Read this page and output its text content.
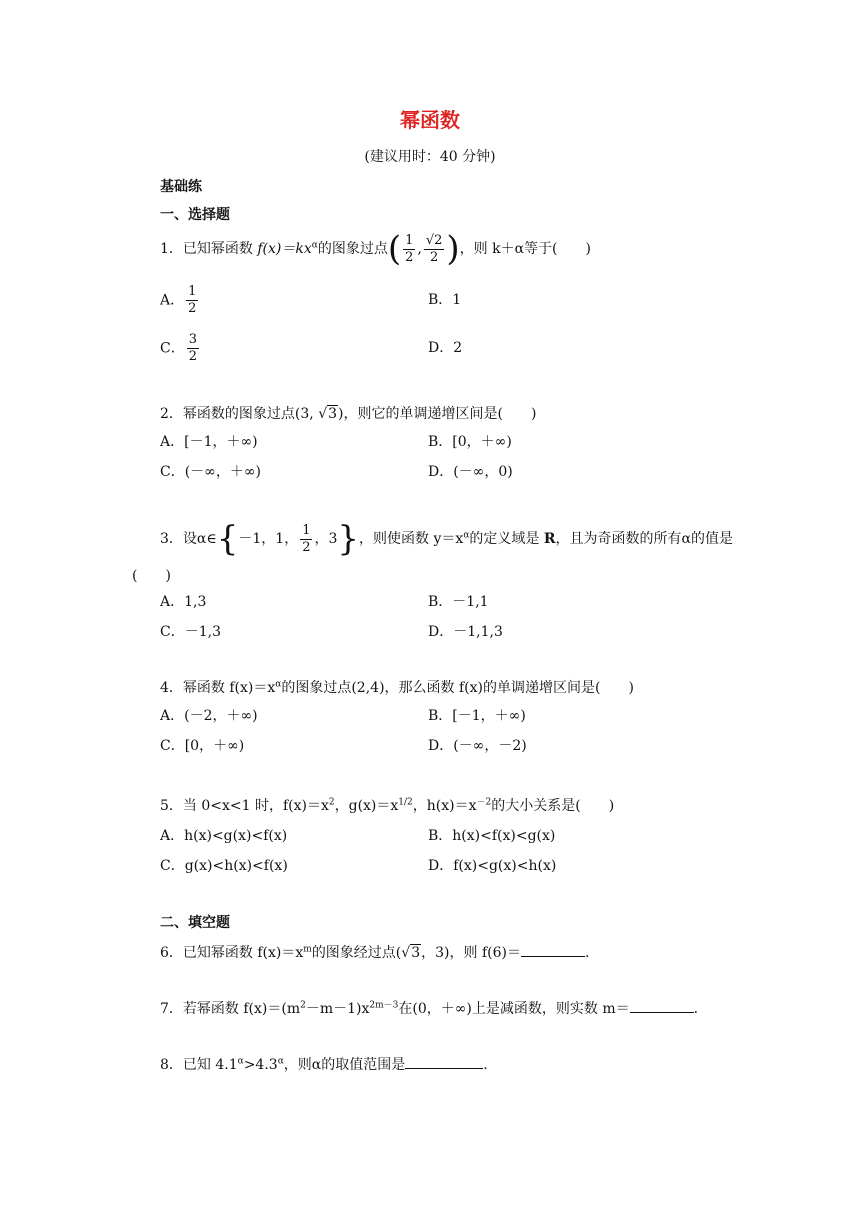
幂函数
(建议用时：40 分钟)
基础练
一、选择题
1．已知幂函数 $f(x)=kx^\alpha$的图象过点( $\frac{1}{2}$ , $\frac{√2}{2}$ )，则 k＋α等于(　　)
A． $\frac{1}{2}$	B．1
C． $\frac{3}{2}$	D．2
2．幂函数的图象过点(3, √3)，则它的单调递增区间是(　　)
A．[－1，＋∞)	B．[0，＋∞)
C．(－∞，＋∞)	D．(－∞，0)
3．设α∈{－1，1， $\frac{1}{2}$ ，3}，则使函数 $y=x^\alpha$的定义域是 R，且为奇函数的所有α的值是
(　　)
A．1,3	B．－1,1
C．－1,3	D．－1,1,3
4．幂函数 $f(x)=x^\alpha$的图象过点(2,4)，那么函数 f(x)的单调递增区间是(　　)
A．(－2，＋∞)	B．[－1，＋∞)
C．[0，＋∞)	D．(－∞，－2)
5．当 0<x<1 时，$f(x)=x^2$，$g(x)=x^{1/2}$，$h(x)=x^{-2}$的大小关系是(　　)
A．h(x)<g(x)<f(x)	B．h(x)<f(x)<g(x)
C．g(x)<h(x)<f(x)	D．f(x)<g(x)<h(x)
二、填空题
6．已知幂函数 $f(x)=x^m$的图象经过点(√3，3)，则 f(6)＝	.
7．若幂函数 $f(x)=(m^2-m-1)x^{2m-3}$在(0，＋∞)上是减函数，则实数 m＝	.
8．已知 $4.1^\alpha>4.3^\alpha$，则α的取值范围是	.
